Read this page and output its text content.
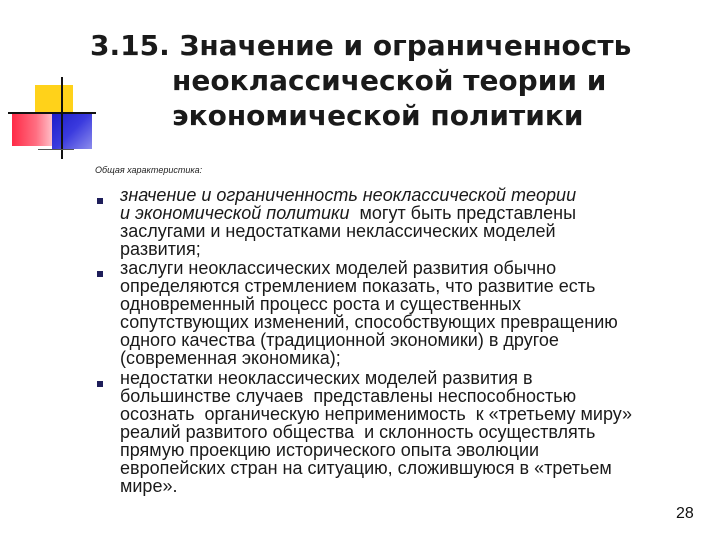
3.15. Значение и ограниченность
неоклассической теории и
экономической политики
Общая характеристика:
значение и ограниченность неоклассической теории
и экономической политики  могут быть представлены
заслугами и недостатками неклассических моделей
развития;
заслуги неоклассических моделей развития обычно
определяются стремлением показать, что развитие есть
одновременный процесс роста и существенных
сопутствующих изменений, способствующих превращению
одного качества (традиционной экономики) в другое
(современная экономика);
недостатки неоклассических моделей развития в
большинстве случаев  представлены неспособностью
осознать  органическую неприменимость  к «третьему миру»
реалий развитого общества  и склонность осуществлять
прямую проекцию исторического опыта эволюции
европейских стран на ситуацию, сложившуюся в «третьем
мире».
28
